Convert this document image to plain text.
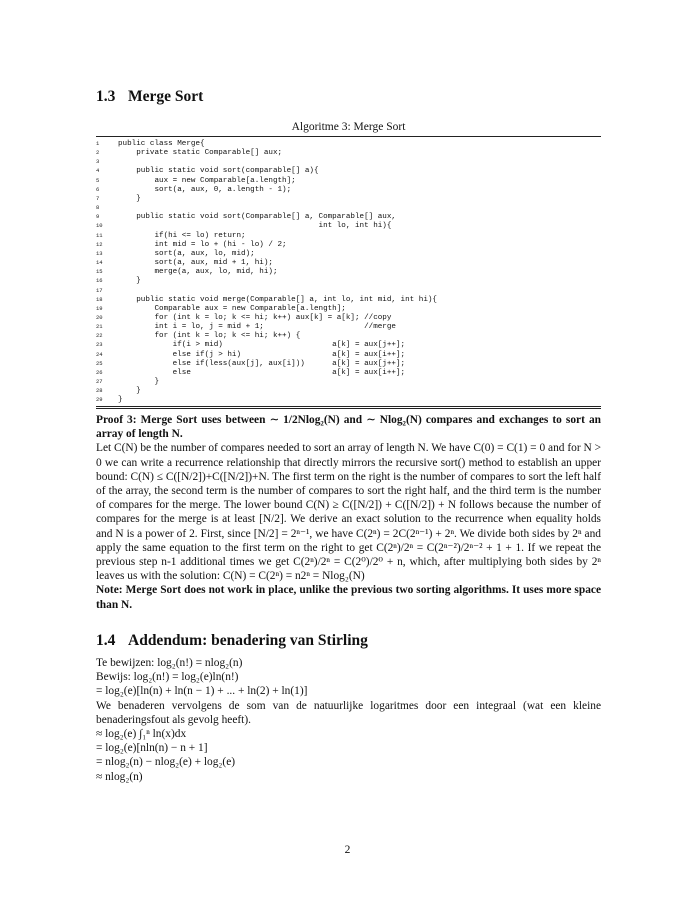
1.3 Merge Sort
Algoritme 3: Merge Sort
1 public class Merge{
2    private static Comparable[] aux;
3
4    public static void sort(comparable[] a){
5        aux = new Comparable[a.length];
6        sort(a, aux, 0, a.length - 1);
7    }
8
9    public static void sort(Comparable[] a, Comparable[] aux,
10                                            int lo, int hi){
11        if(hi <= lo) return;
12        int mid = lo + (hi - lo) / 2;
13        sort(a, aux, lo, mid);
14        sort(a, aux, mid + 1, hi);
15        merge(a, aux, lo, mid, hi);
16    }
17
18    public static void merge(Comparable[] a, int lo, int mid, int hi){
19        Comparable aux = new Comparable[a.length];
20        for (int k = lo; k <= hi; k++) aux[k] = a[k]; //copy
21        int i = lo, j = mid + 1;                      //merge
22        for (int k = lo; k <= hi; k++) {
23            if(i > mid)                        a[k] = aux[j++];
24            else if(j > hi)                    a[k] = aux[i++];
25            else if(less(aux[j], aux[i]))      a[k] = aux[j++];
26            else                               a[k] = aux[i++];
27        }
28    }
29 }
Proof 3: Merge Sort uses between ∼ 1/2Nlog₂(N) and ∼ Nlog₂(N) compares and exchanges to sort an array of length N.
Let C(N) be the number of compares needed to sort an array of length N. We have C(0) = C(1) = 0 and for N > 0 we can write a recurrence relationship that directly mirrors the recursive sort() method to establish an upper bound: C(N) ≤ C([N/2])+C([N/2])+N. The first term on the right is the number of compares to sort the left half of the array, the second term is the number of compares to sort the right half, and the third term is the number of compares for the merge. The lower bound C(N) ≥ C([N/2]) + C([N/2]) + N follows because the number of compares for the merge is at least [N/2]. We derive an exact solution to the recurrence when equality holds and N is a power of 2. First, since [N/2] = 2ⁿ⁻¹, we have C(2ⁿ) = 2C(2ⁿ⁻¹) + 2ⁿ. We divide both sides by 2ⁿ and apply the same equation to the first term on the right to get C(2ⁿ)/2ⁿ = C(2ⁿ⁻²)/2ⁿ⁻² + 1 + 1. If we repeat the previous step n-1 additional times we get C(2ⁿ)/2ⁿ = C(2⁰)/2⁰ + n, which, after multiplying both sides by 2ⁿ leaves us with the solution: C(N) = C(2ⁿ) = n2ⁿ = Nlog₂(N)
Note: Merge Sort does not work in place, unlike the previous two sorting algorithms. It uses more space than N.
1.4 Addendum: benadering van Stirling
Te bewijzen: log₂(n!) = nlog₂(n)
Bewijs: log₂(n!) = log₂(e)ln(n!)
= log₂(e)[ln(n) + ln(n − 1) + ... + ln(2) + ln(1)]
We benaderen vervolgens de som van de natuurlijke logaritmes door een integraal (wat een kleine benaderingsfout als gevolg heeft).
≈ log₂(e) ∫₁ⁿ ln(x)dx
= log₂(e)[nln(n) − n + 1]
= nlog₂(n) − nlog₂(e) + log₂(e)
≈ nlog₂(n)
2
